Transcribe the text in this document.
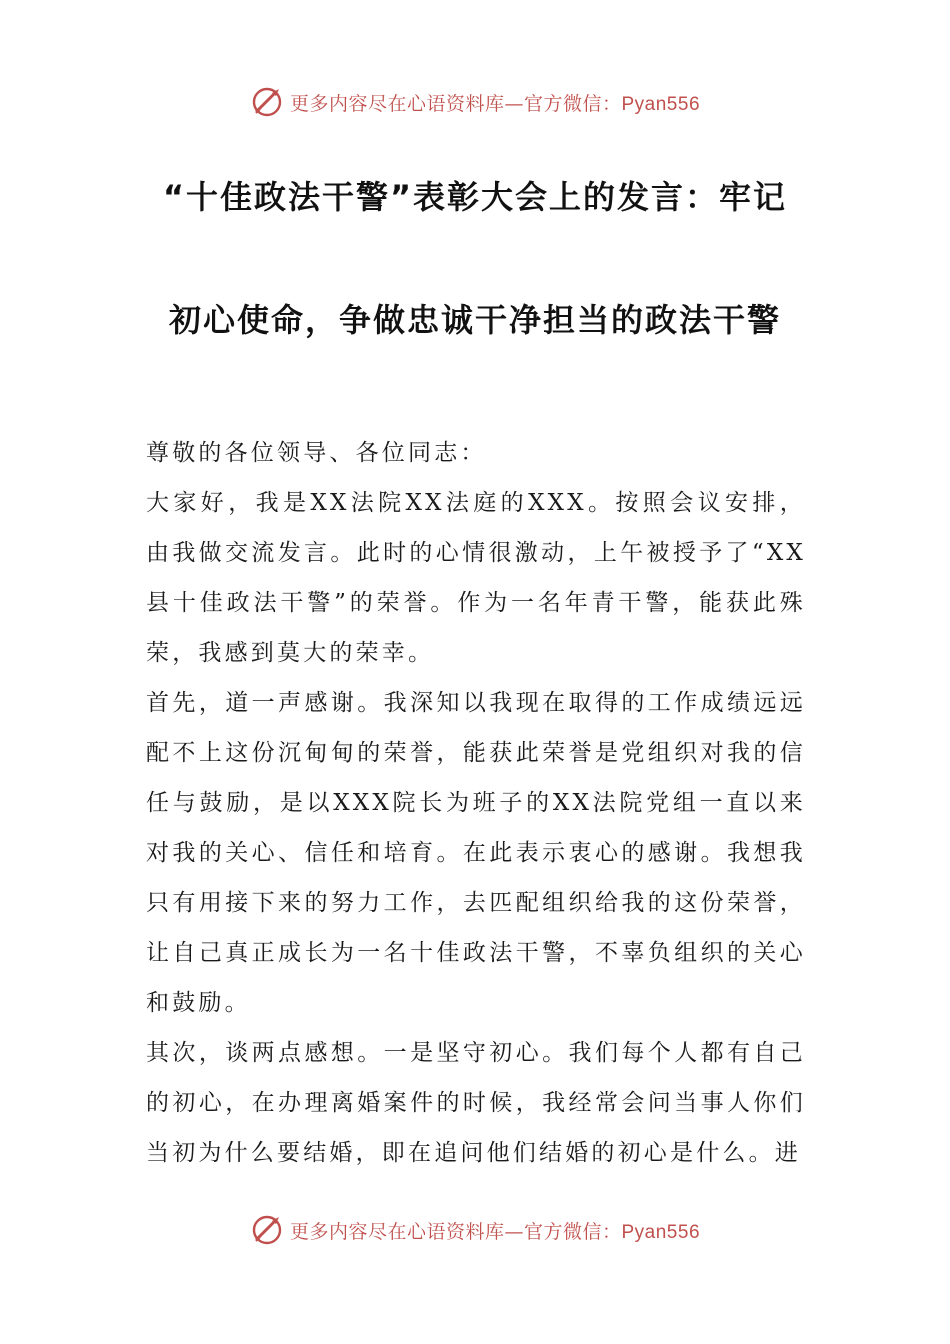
更多内容尽在心语资料库—官方微信：Pyan556
“十佳政法干警”表彰大会上的发言：牢记
初心使命，争做忠诚干净担当的政法干警

尊敬的各位领导、各位同志：

大家好，我是XX法院XX法庭的XXX。按照会议安排，由我做交流发言。此时的心情很激动，上午被授予了“XX县十佳政法干警”的荣誉。作为一名年青干警，能获此殊荣，我感到莫大的荣幸。

首先，道一声感谢。我深知以我现在取得的工作成绩远远配不上这份沉甸甸的荣誉，能获此荣誉是党组织对我的信任与鼓励，是以XXX院长为班子的XX法院党组一直以来对我的关心、信任和培育。在此表示衷心的感谢。我想我只有用接下来的努力工作，去匹配组织给我的这份荣誉，让自己真正成长为一名十佳政法干警，不辜负组织的关心和鼓励。

其次，谈两点感想。一是坚守初心。我们每个人都有自己的初心，在办理离婚案件的时候，我经常会问当事人你们当初为什么要结婚，即在追问他们结婚的初心是什么。进

更多内容尽在心语资料库—官方微信：Pyan556
